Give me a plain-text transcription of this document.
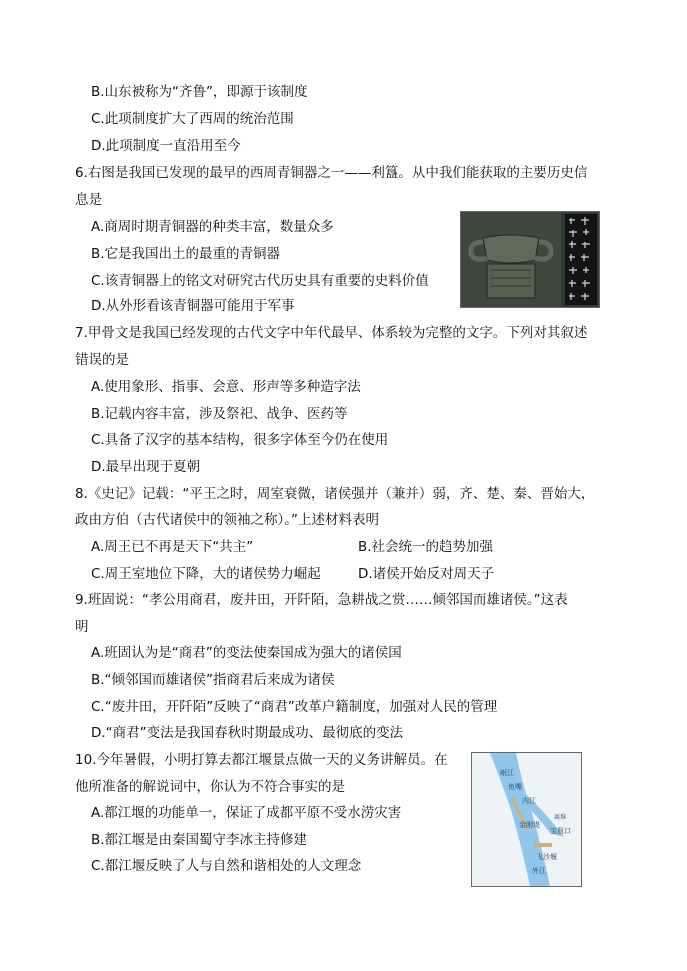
B.山东被称为“齐鲁”，即源于该制度
C.此项制度扩大了西周的统治范围
D.此项制度一直沿用至今
6.右图是我国已发现的最早的西周青铜器之一——利簋。从中我们能获取的主要历史信
息是
A.商周时期青铜器的种类丰富，数量众多
B.它是我国出土的最重的青铜器
C.该青铜器上的铭文对研究古代历史具有重要的史料价值
D.从外形看该青铜器可能用于军事
7.甲骨文是我国已经发现的古代文字中年代最早、体系较为完整的文字。下列对其叙述
错误的是
A.使用象形、指事、会意、形声等多种造字法
B.记载内容丰富，涉及祭祀、战争、医药等
C.具备了汉字的基本结构，很多字体至今仍在使用
D.最早出现于夏朝
8.《史记》记载：“平王之时，周室衰微，诸侯强并（兼并）弱，齐、楚、秦、晋始大，
政由方伯（古代诸侯中的领袖之称）。”上述材料表明
A.周王已不再是天下“共主”	B.社会统一的趋势加强
C.周王室地位下降，大的诸侯势力崛起	D.诸侯开始反对周天子
9.班固说：“孝公用商君，废井田，开阡陌，急耕战之赏……倾邻国而雄诸侯。”这表
明
A.班固认为是“商君”的变法使秦国成为强大的诸侯国
B.“倾邻国而雄诸侯”指商君后来成为诸侯
C.“废井田，开阡陌”反映了“商君”改革户籍制度，加强对人民的管理
D.“商君”变法是我国春秋时期最成功、最彻底的变法
10.今年暑假，小明打算去都江堰景点做一天的义务讲解员。在
他所准备的解说词中，你认为不符合事实的是
A.都江堰的功能单一，保证了成都平原不受水涝灾害
B.都江堰是由秦国蜀守李冰主持修建
C.都江堰反映了人与自然和谐相处的人文理念
岷江
内江
金刚堤
宝瓶口
飞沙堰
外江
鱼嘴
离堆
